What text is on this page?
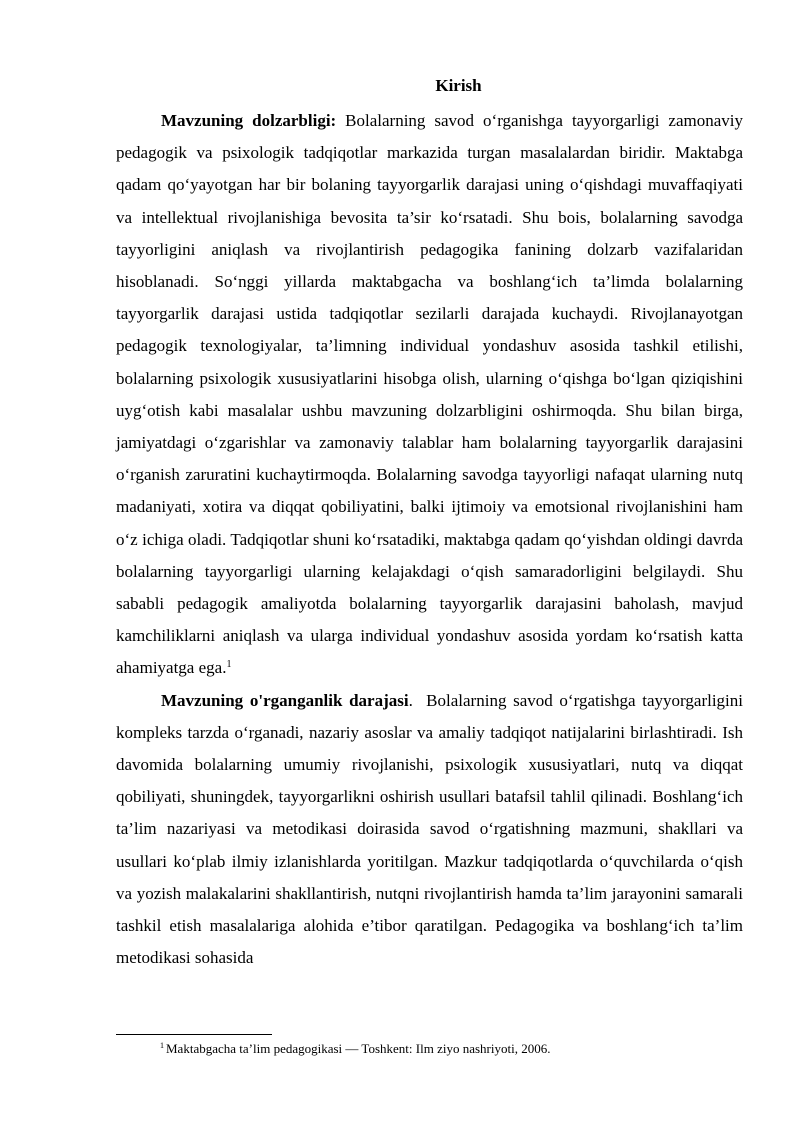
Kirish

Mavzuning dolzarbligi: Bolalarning savod o‘rganishga tayyorgarligi zamonaviy pedagogik va psixologik tadqiqotlar markazida turgan masalalardan biridir. Maktabga qadam qo‘yayotgan har bir bolaning tayyorgarlik darajasi uning o‘qishdagi muvaffaqiyati va intellektual rivojlanishiga bevosita ta’sir ko‘rsatadi. Shu bois, bolalarning savodga tayyorligini aniqlash va rivojlantirish pedagogika fanining dolzarb vazifalaridan hisoblanadi. So‘nggi yillarda maktabgacha va boshlang‘ich ta’limda bolalarning tayyorgarlik darajasi ustida tadqiqotlar sezilarli darajada kuchaydi. Rivojlanayotgan pedagogik texnologiyalar, ta’limning individual yondashuv asosida tashkil etilishi, bolalarning psixologik xususiyatlarini hisobga olish, ularning o‘qishga bo‘lgan qiziqishini uyg‘otish kabi masalalar ushbu mavzuning dolzarbligini oshirmoqda. Shu bilan birga, jamiyatdagi o‘zgarishlar va zamonaviy talablar ham bolalarning tayyorgarlik darajasini o‘rganish zaruratini kuchaytirmoqda. Bolalarning savodga tayyorligi nafaqat ularning nutq madaniyati, xotira va diqqat qobiliyatini, balki ijtimoiy va emotsional rivojlanishini ham o‘z ichiga oladi. Tadqiqotlar shuni ko‘rsatadiki, maktabga qadam qo‘yishdan oldingi davrda bolalarning tayyorgarligi ularning kelajakdagi o‘qish samaradorligini belgilaydi. Shu sababli pedagogik amaliyotda bolalarning tayyorgarlik darajasini baholash, mavjud kamchiliklarni aniqlash va ularga individual yondashuv asosida yordam ko‘rsatish katta ahamiyatga ega.$^1$

Mavzuning o'rganganlik darajasi.  Bolalarning savod o‘rgatishga tayyorgarligini kompleks tarzda o‘rganadi, nazariy asoslar va amaliy tadqiqot natijalarini birlashtiradi. Ish davomida bolalarning umumiy rivojlanishi, psixologik xususiyatlari, nutq va diqqat qobiliyati, shuningdek, tayyorgarlikni oshirish usullari batafsil tahlil qilinadi. Boshlang‘ich ta’lim nazariyasi va metodikasi doirasida savod o‘rgatishning mazmuni, shakllari va usullari ko‘plab ilmiy izlanishlarda yoritilgan. Mazkur tadqiqotlarda o‘quvchilarda o‘qish va yozish malakalarini shakllantirish, nutqni rivojlantirish hamda ta’lim jarayonini samarali tashkil etish masalalariga alohida e’tibor qaratilgan. Pedagogika va boshlang‘ich ta’lim metodikasi sohasida

$^1$ Maktabgacha ta’lim pedagogikasi — Toshkent: Ilm ziyo nashriyoti, 2006.
